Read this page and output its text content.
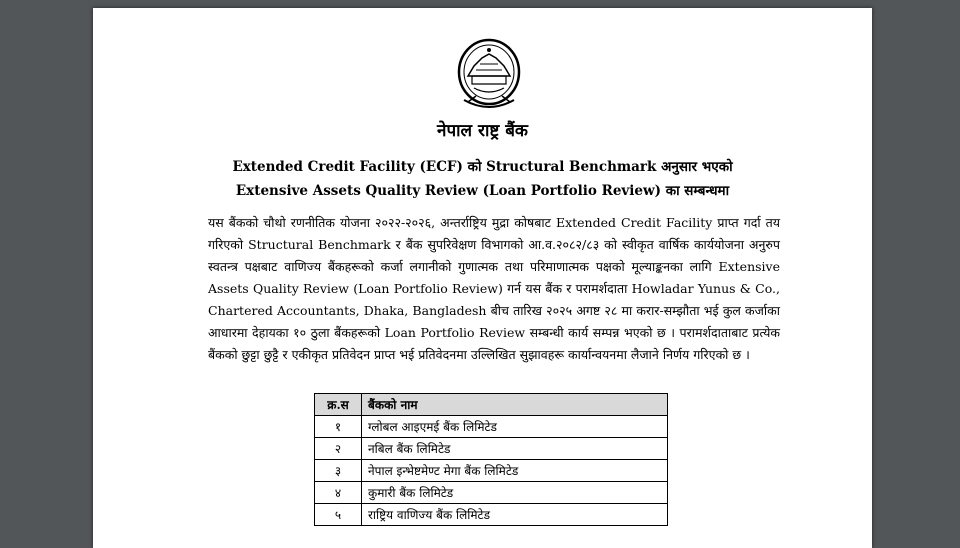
नेपाल राष्ट्र बैंक
Extended Credit Facility (ECF) को Structural Benchmark अनुसार भएको
Extensive Assets Quality Review (Loan Portfolio Review) का सम्बन्धमा
यस बैंकको चौथो रणनीतिक योजना २०२२-२०२६, अन्तर्राष्ट्रिय मुद्रा कोषबाट Extended Credit Facility प्राप्त गर्दा तय गरिएको Structural Benchmark र बैंक सुपरिवेक्षण विभागको आ.व.२०८२/८३ को स्वीकृत वार्षिक कार्ययोजना अनुरुप स्वतन्त्र पक्षबाट वाणिज्य बैंकहरूको कर्जा लगानीको गुणात्मक तथा परिमाणात्मक पक्षको मूल्याङ्कनका लागि Extensive Assets Quality Review (Loan Portfolio Review) गर्न यस बैंक र परामर्शदाता Howladar Yunus & Co., Chartered Accountants, Dhaka, Bangladesh बीच तारिख २०२५ अगष्ट २८ मा करार-सम्झौता भई कुल कर्जाका आधारमा देहायका १० ठुला बैंकहरूको Loan Portfolio Review सम्बन्धी कार्य सम्पन्न भएको छ । परामर्शदाताबाट प्रत्येक बैंकको छुट्टा छुट्टै र एकीकृत प्रतिवेदन प्राप्त भई प्रतिवेदनमा उल्लिखित सुझावहरू कार्यान्वयनमा लैजाने निर्णय गरिएको छ ।
क्र.स	बैंकको नाम
१	ग्लोबल आइएमई बैंक लिमिटेड
२	नबिल बैंक लिमिटेड
३	नेपाल इन्भेष्टमेण्ट मेगा बैंक लिमिटेड
४	कुमारी बैंक लिमिटेड
५	राष्ट्रिय वाणिज्य बैंक लिमिटेड
